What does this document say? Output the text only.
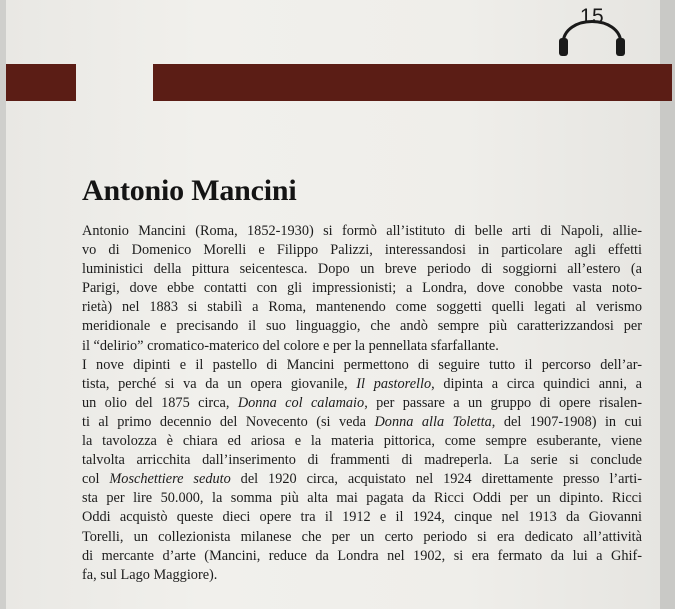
15
Antonio Mancini
Antonio Mancini (Roma, 1852-1930) si formò all’istituto di belle arti di Napoli, allie-
vo di Domenico Morelli e Filippo Palizzi, interessandosi in particolare agli effetti
luministici della pittura seicentesca. Dopo un breve periodo di soggiorni all’estero (a
Parigi, dove ebbe contatti con gli impressionisti; a Londra, dove conobbe vasta noto-
rietà) nel 1883 si stabilì a Roma, mantenendo come soggetti quelli legati al verismo
meridionale e precisando il suo linguaggio, che andò sempre più caratterizzandosi per
il “delirio” cromatico-materico del colore e per la pennellata sfarfallante.
I nove dipinti e il pastello di Mancini permettono di seguire tutto il percorso dell’ar-
tista, perché si va da un opera giovanile, Il pastorello, dipinta a circa quindici anni, a
un olio del 1875 circa, Donna col calamaio, per passare a un gruppo di opere risalen-
ti al primo decennio del Novecento (si veda Donna alla Toletta, del 1907-1908) in cui
la tavolozza è chiara ed ariosa e la materia pittorica, come sempre esuberante, viene
talvolta arricchita dall’inserimento di frammenti di madreperla. La serie si conclude
col Moschettiere seduto del 1920 circa, acquistato nel 1924 direttamente presso l’arti-
sta per lire 50.000, la somma più alta mai pagata da Ricci Oddi per un dipinto. Ricci
Oddi acquistò queste dieci opere tra il 1912 e il 1924, cinque nel 1913 da Giovanni
Torelli, un collezionista milanese che per un certo periodo si era dedicato all’attività
di mercante d’arte (Mancini, reduce da Londra nel 1902, si era fermato da lui a Ghif-
fa, sul Lago Maggiore).
